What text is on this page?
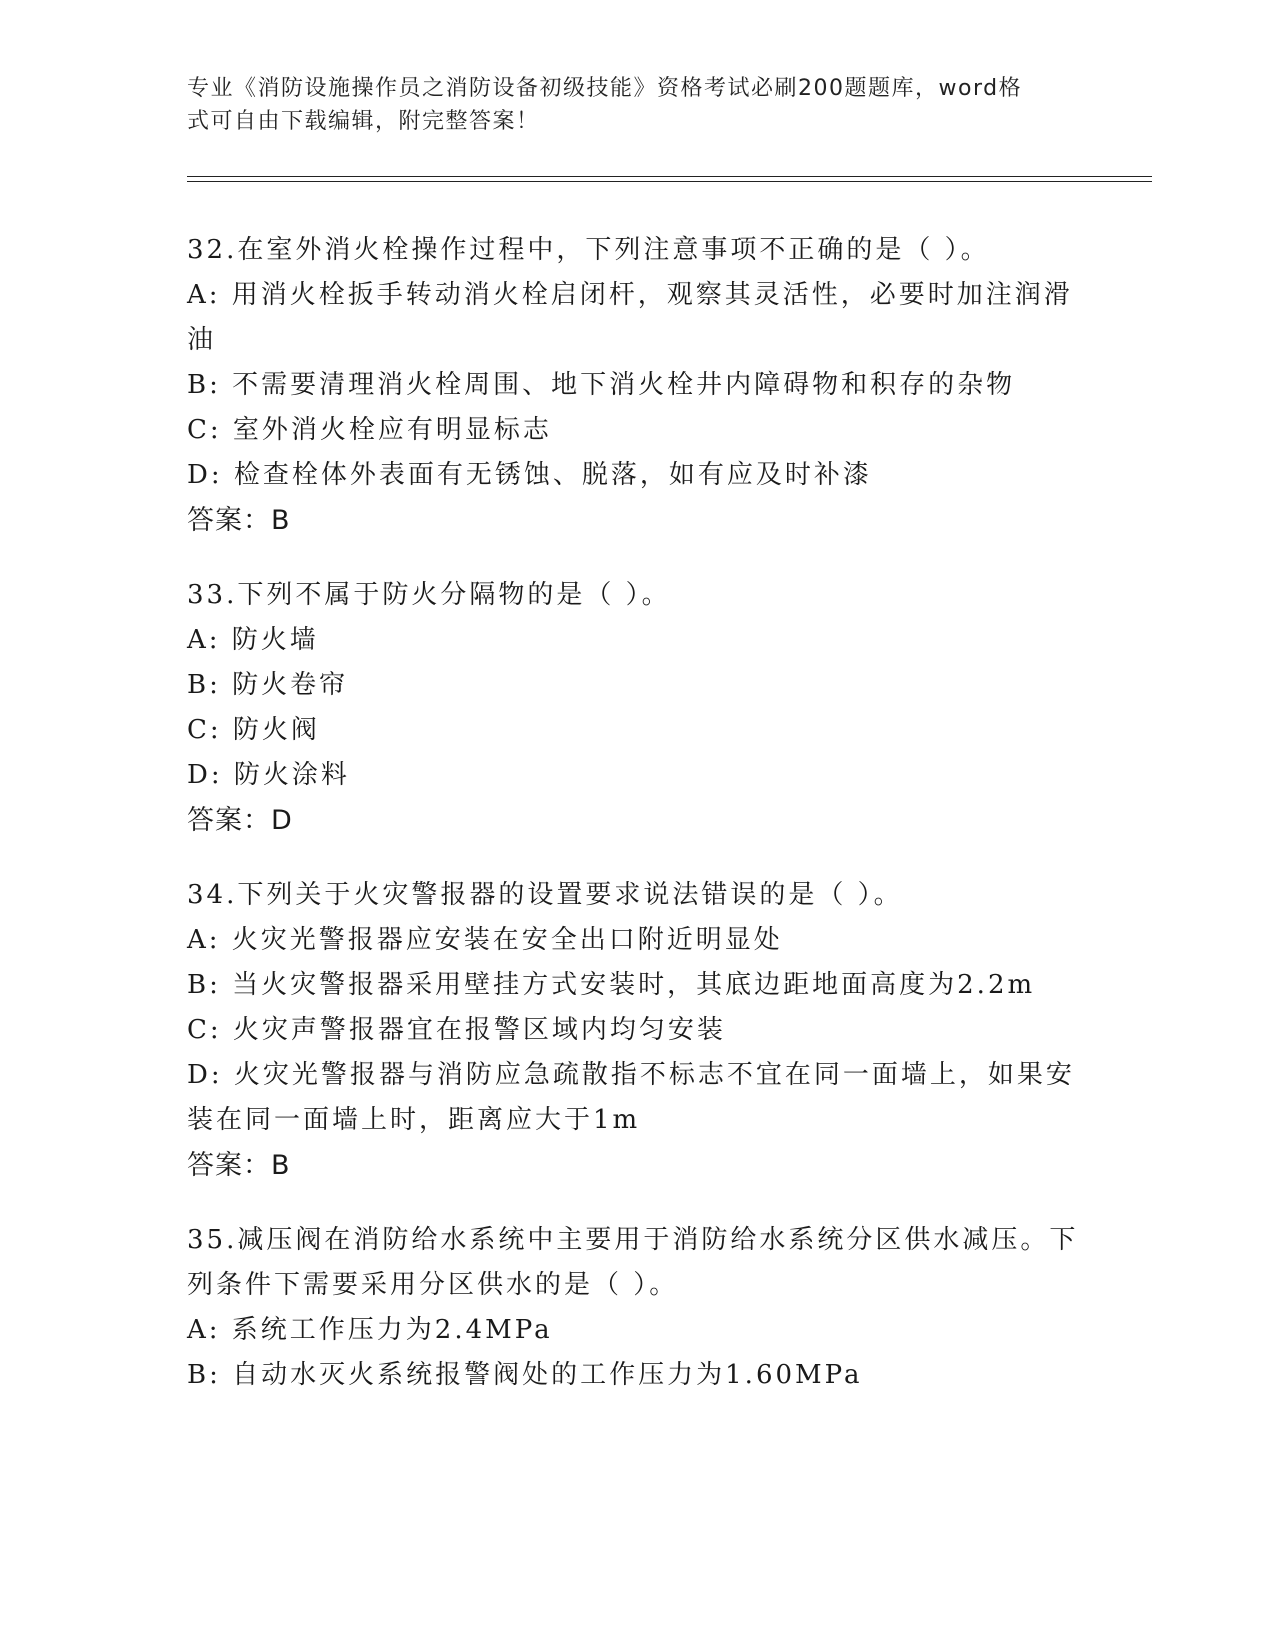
专业《消防设施操作员之消防设备初级技能》资格考试必刷200题题库，word格
式可自由下载编辑，附完整答案！
32.在室外消火栓操作过程中，下列注意事项不正确的是（ ）。
A: 用消火栓扳手转动消火栓启闭杆，观察其灵活性，必要时加注润滑油
B: 不需要清理消火栓周围、地下消火栓井内障碍物和积存的杂物
C: 室外消火栓应有明显标志
D: 检查栓体外表面有无锈蚀、脱落，如有应及时补漆
答案：B
33.下列不属于防火分隔物的是（ ）。
A: 防火墙
B: 防火卷帘
C: 防火阀
D: 防火涂料
答案：D
34.下列关于火灾警报器的设置要求说法错误的是（ ）。
A: 火灾光警报器应安装在安全出口附近明显处
B: 当火灾警报器采用壁挂方式安装时，其底边距地面高度为2.2m
C: 火灾声警报器宜在报警区域内均匀安装
D: 火灾光警报器与消防应急疏散指不标志不宜在同一面墙上，如果安装在同一面墙上时，距离应大于1m
答案：B
35.减压阀在消防给水系统中主要用于消防给水系统分区供水减压。下列条件下需要采用分区供水的是（ ）。
A: 系统工作压力为2.4MPa
B: 自动水灭火系统报警阀处的工作压力为1.60MPa
